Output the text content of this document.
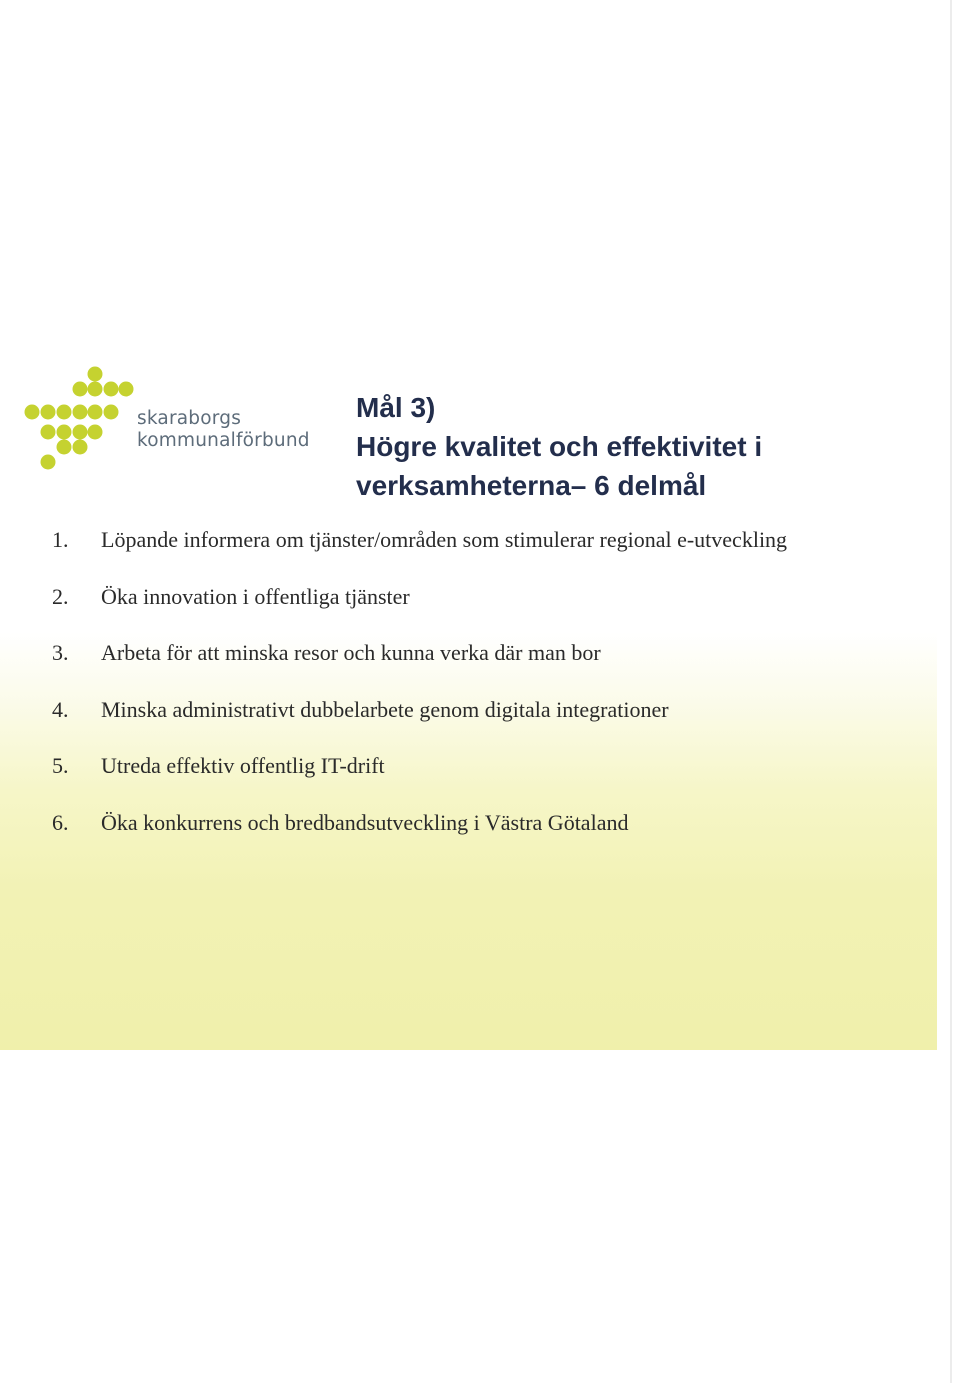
skaraborgs
kommunalförbund
Mål 3)
Högre kvalitet och effektivitet i
verksamheterna– 6 delmål
1. Löpande informera om tjänster/områden som stimulerar regional e-utveckling
2. Öka innovation i offentliga tjänster
3. Arbeta för att minska resor och kunna verka där man bor
4. Minska administrativt dubbelarbete genom digitala integrationer
5. Utreda effektiv offentlig IT-drift
6. Öka konkurrens och bredbandsutveckling i Västra Götaland
